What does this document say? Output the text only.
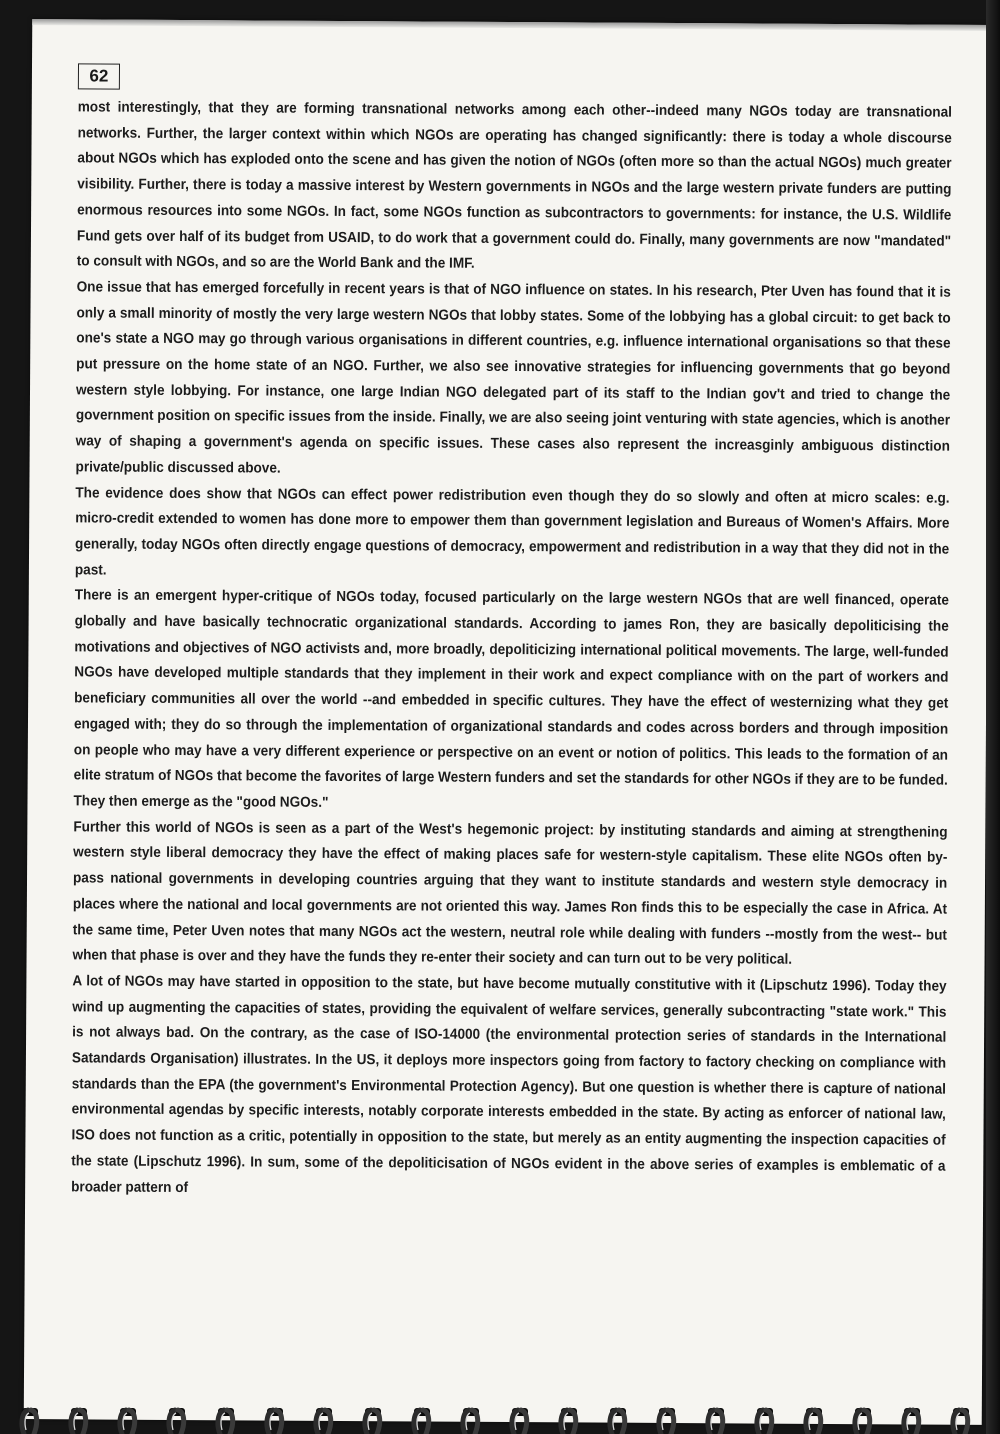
62

most interestingly, that they are forming transnational networks among each other--indeed many NGOs today are transnational networks. Further, the larger context within which NGOs are operating has changed significantly: there is today a whole discourse about NGOs which has exploded onto the scene and has given the notion of NGOs (often more so than the actual NGOs) much greater visibility. Further, there is today a massive interest by Western governments in NGOs and the large western private funders are putting enormous resources into some NGOs. In fact, some NGOs function as subcontractors to governments: for instance, the U.S. Wildlife Fund gets over half of its budget from USAID, to do work that a government could do. Finally, many governments are now "mandated" to consult with NGOs, and so are the World Bank and the IMF.

One issue that has emerged forcefully in recent years is that of NGO influence on states. In his research, Pter Uven has found that it is only a small minority of mostly the very large western NGOs that lobby states. Some of the lobbying has a global circuit: to get back to one's state a NGO may go through various organisations in different countries, e.g. influence international organisations so that these put pressure on the home state of an NGO. Further, we also see innovative strategies for influencing governments that go beyond western style lobbying. For instance, one large Indian NGO delegated part of its staff to the Indian gov't and tried to change the government position on specific issues from the inside. Finally, we are also seeing joint venturing with state agencies, which is another way of shaping a government's agenda on specific issues. These cases also represent the increasginly ambiguous distinction private/public discussed above.

The evidence does show that NGOs can effect power redistribution even though they do so slowly and often at micro scales: e.g. micro-credit extended to women has done more to empower them than government legislation and Bureaus of Women's Affairs. More generally, today NGOs often directly engage questions of democracy, empowerment and redistribution in a way that they did not in the past.

There is an emergent hyper-critique of NGOs today, focused particularly on the large western NGOs that are well financed, operate globally and have basically technocratic organizational standards. According to james Ron, they are basically depoliticising the motivations and objectives of NGO activists and, more broadly, depoliticizing international political movements. The large, well-funded NGOs have developed multiple standards that they implement in their work and expect compliance with on the part of workers and beneficiary communities all over the world --and embedded in specific cultures. They have the effect of westernizing what they get engaged with; they do so through the implementation of organizational standards and codes across borders and through imposition on people who may have a very different experience or perspective on an event or notion of politics. This leads to the formation of an elite stratum of NGOs that become the favorites of large Western funders and set the standards for other NGOs if they are to be funded. They then emerge as the "good NGOs."

Further this world of NGOs is seen as a part of the West's hegemonic project: by instituting standards and aiming at strengthening western style liberal democracy they have the effect of making places safe for western-style capitalism. These elite NGOs often by-pass national governments in developing countries arguing that they want to institute standards and western style democracy in places where the national and local governments are not oriented this way. James Ron finds this to be especially the case in Africa. At the same time, Peter Uven notes that many NGOs act the western, neutral role while dealing with funders --mostly from the west-- but when that phase is over and they have the funds they re-enter their society and can turn out to be very political.

A lot of NGOs may have started in opposition to the state, but have become mutually constitutive with it (Lipschutz 1996). Today they wind up augmenting the capacities of states, providing the equivalent of welfare services, generally subcontracting "state work." This is not always bad. On the contrary, as the case of ISO-14000 (the environmental protection series of standards in the International Satandards Organisation) illustrates. In the US, it deploys more inspectors going from factory to factory checking on compliance with standards than the EPA (the government's Environmental Protection Agency). But one question is whether there is capture of national environmental agendas by specific interests, notably corporate interests embedded in the state. By acting as enforcer of national law, ISO does not function as a critic, potentially in opposition to the state, but merely as an entity augmenting the inspection capacities of the state (Lipschutz 1996). In sum, some of the depoliticisation of NGOs evident in the above series of examples is emblematic of a broader pattern of
